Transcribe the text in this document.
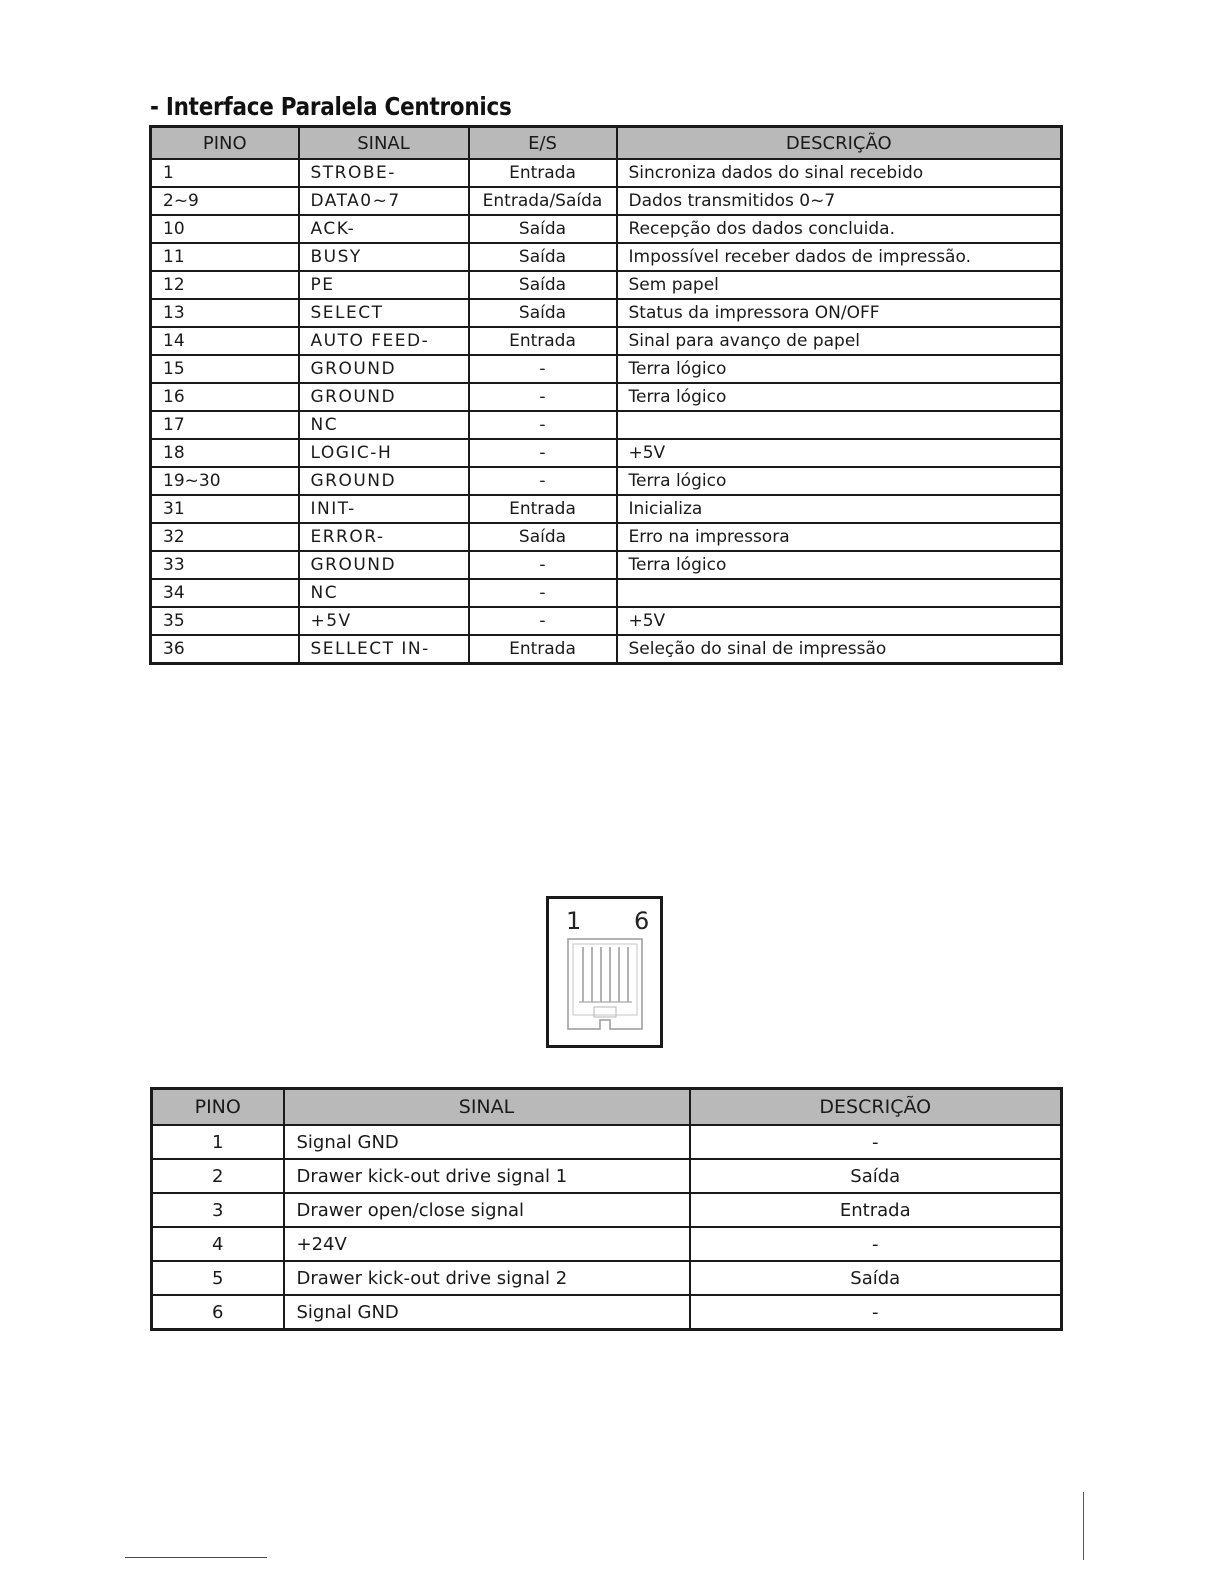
- Interface Paralela Centronics
PINO	SINAL	E/S	DESCRIÇÃO
1	STROBE-	Entrada	Sincroniza dados do sinal recebido
2~9	DATA0~7	Entrada/Saída	Dados transmitidos 0~7
10	ACK-	Saída	Recepção dos dados concluida.
11	BUSY	Saída	Impossível receber dados de impressão.
12	PE	Saída	Sem papel
13	SELECT	Saída	Status da impressora ON/OFF
14	AUTO FEED-	Entrada	Sinal para avanço de papel
15	GROUND	-	Terra lógico
16	GROUND	-	Terra lógico
17	NC	-	
18	LOGIC-H	-	+5V
19~30	GROUND	-	Terra lógico
31	INIT-	Entrada	Inicializa
32	ERROR-	Saída	Erro na impressora
33	GROUND	-	Terra lógico
34	NC	-	
35	+5V	-	+5V
36	SELLECT IN-	Entrada	Seleção do sinal de impressão
1 6
PINO	SINAL	DESCRIÇÃO
1	Signal GND	-
2	Drawer kick-out drive signal 1	Saída
3	Drawer open/close signal	Entrada
4	+24V	-
5	Drawer kick-out drive signal 2	Saída
6	Signal GND	-
